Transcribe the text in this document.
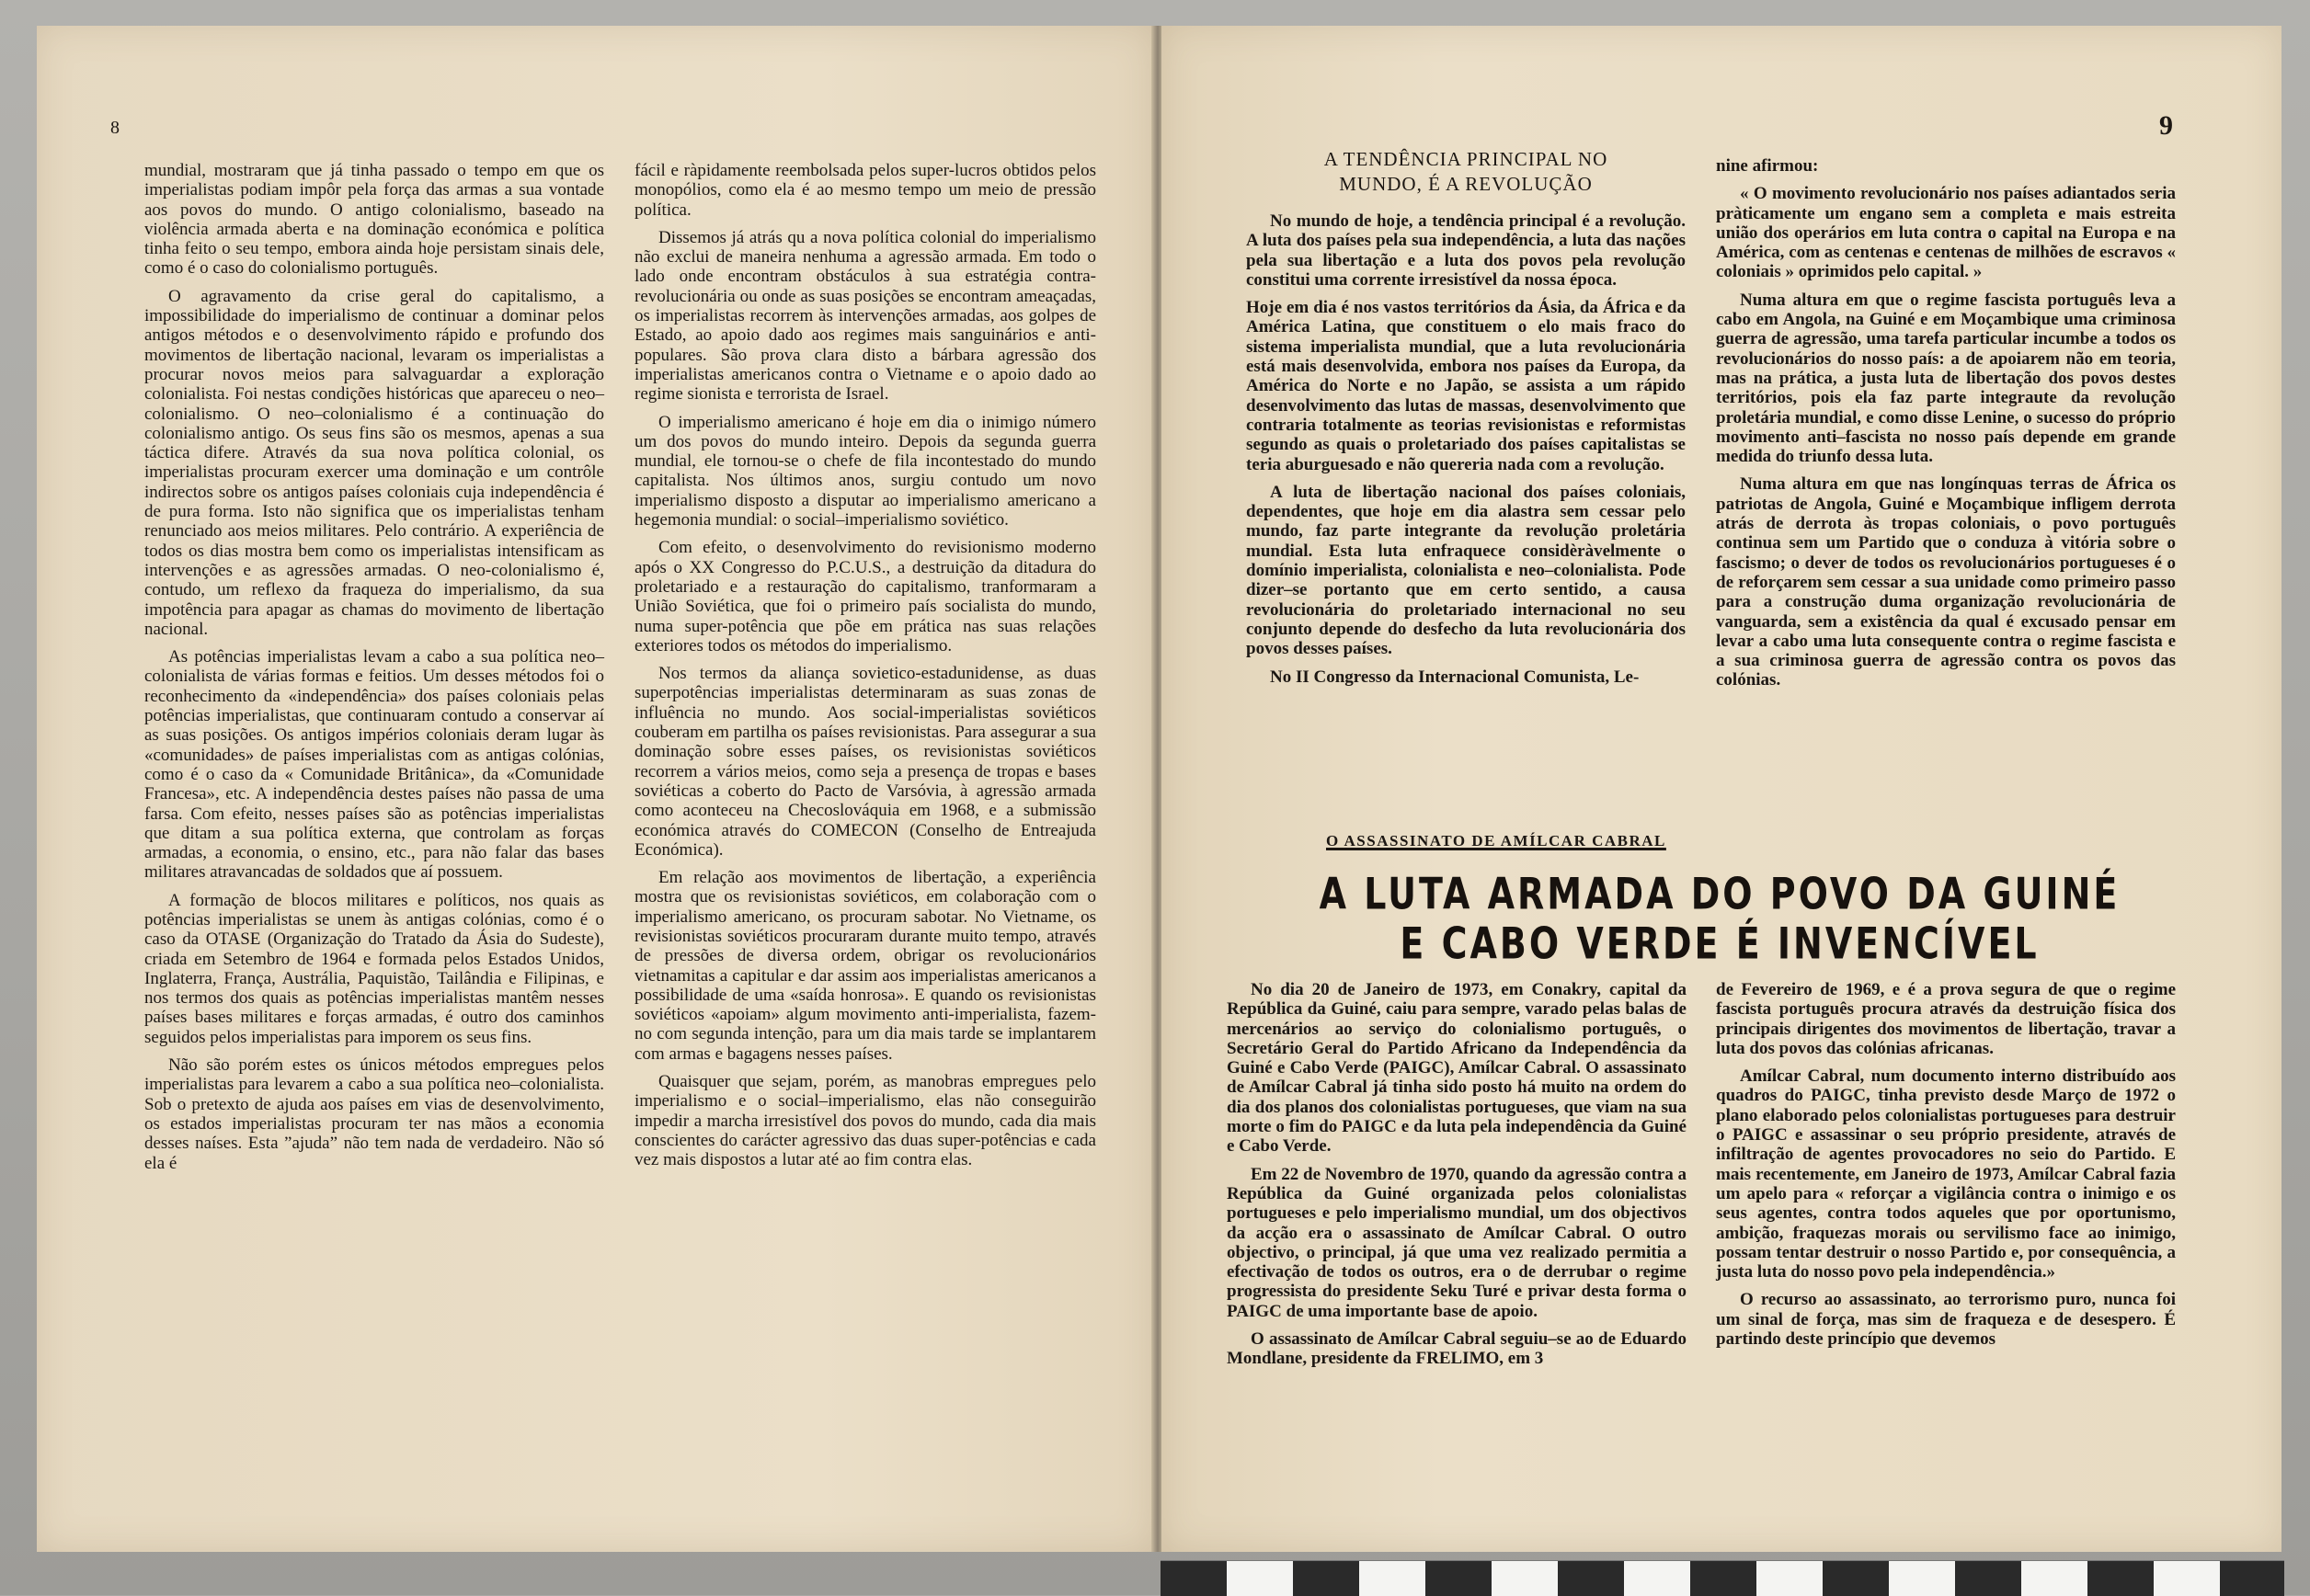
8	9

mundial, mostraram que já tinha passado o tempo em que os imperialistas podiam impôr pela força das armas a sua vontade aos povos do mundo. O antigo colonialismo, baseado na violência armada aberta e na dominação económica e política tinha feito o seu tempo, embora ainda hoje persistam sinais dele, como é o caso do colonialismo português.

O agravamento da crise geral do capitalismo, a impossibilidade do imperialismo de continuar a dominar pelos antigos métodos e o desenvolvimento rápido e profundo dos movimentos de libertação nacional, levaram os imperialistas a procurar novos meios para salvaguardar a exploração colonialista. Foi nestas condições históricas que apareceu o neo–colonialismo. O neo–colonialismo é a continuação do colonialismo antigo. Os seus fins são os mesmos, apenas a sua táctica difere. Através da sua nova política colonial, os imperialistas procuram exercer uma dominação e um contrôle indirectos sobre os antigos países coloniais cuja independência é de pura forma. Isto não significa que os imperialistas tenham renunciado aos meios militares. Pelo contrário. A experiência de todos os dias mostra bem como os imperialistas intensificam as intervenções e as agressões armadas. O neo-colonialismo é, contudo, um reflexo da fraqueza do imperialismo, da sua impotência para apagar as chamas do movimento de libertação nacional.

As potências imperialistas levam a cabo a sua política neo–colonialista de várias formas e feitios. Um desses métodos foi o reconhecimento da «independência» dos países coloniais pelas potências imperialistas, que continuaram contudo a conservar aí as suas posições. Os antigos impérios coloniais deram lugar às «comunidades» de países imperialistas com as antigas colónias, como é o caso da « Comunidade Britânica», da «Comunidade Francesa», etc. A independência destes países não passa de uma farsa. Com efeito, nesses países são as potências imperialistas que ditam a sua política externa, que controlam as forças armadas, a economia, o ensino, etc., para não falar das bases militares atravancadas de soldados que aí possuem.

A formação de blocos militares e políticos, nos quais as potências imperialistas se unem às antigas colónias, como é o caso da OTASE (Organização do Tratado da Ásia do Sudeste), criada em Setembro de 1964 e formada pelos Estados Unidos, Inglaterra, França, Austrália, Paquistão, Tailândia e Filipinas, e nos termos dos quais as potências imperialistas mantêm nesses países bases militares e forças armadas, é outro dos caminhos seguidos pelos imperialistas para imporem os seus fins.

Não são porém estes os únicos métodos empregues pelos imperialistas para levarem a cabo a sua política neo–colonialista. Sob o pretexto de ajuda aos países em vias de desenvolvimento, os estados imperialistas procuram ter nas mãos a economia desses naíses. Esta ”ajuda” não tem nada de verdadeiro. Não só ela é

fácil e ràpidamente reembolsada pelos super-lucros obtidos pelos monopólios, como ela é ao mesmo tempo um meio de pressão política.

Dissemos já atrás qu a nova política colonial do imperialismo não exclui de maneira nenhuma a agressão armada. Em todo o lado onde encontram obstáculos à sua estratégia contra-revolucionária ou onde as suas posições se encontram ameaçadas, os imperialistas recorrem às intervenções armadas, aos golpes de Estado, ao apoio dado aos regimes mais sanguinários e anti-populares. São prova clara disto a bárbara agressão dos imperialistas americanos contra o Vietname e o apoio dado ao regime sionista e terrorista de Israel.

O imperialismo americano é hoje em dia o inimigo número um dos povos do mundo inteiro. Depois da segunda guerra mundial, ele tornou-se o chefe de fila incontestado do mundo capitalista. Nos últimos anos, surgiu contudo um novo imperialismo disposto a disputar ao imperialismo americano a hegemonia mundial: o social–imperialismo soviético.

Com efeito, o desenvolvimento do revisionismo moderno após o XX Congresso do P.C.U.S., a destruição da ditadura do proletariado e a restauração do capitalismo, tranformaram a União Soviética, que foi o primeiro país socialista do mundo, numa super-potência que põe em prática nas suas relações exteriores todos os métodos do imperialismo.

Nos termos da aliança sovietico-estadunidense, as duas superpotências imperialistas determinaram as suas zonas de influência no mundo. Aos social-imperialistas soviéticos couberam em partilha os países revisionistas. Para assegurar a sua dominação sobre esses países, os revisionistas soviéticos recorrem a vários meios, como seja a presença de tropas e bases soviéticas a coberto do Pacto de Varsóvia, à agressão armada como aconteceu na Checoslováquia em 1968, e a submissão económica através do COMECON (Conselho de Entreajuda Económica).

Em relação aos movimentos de libertação, a experiência mostra que os revisionistas soviéticos, em colaboração com o imperialismo americano, os procuram sabotar. No Vietname, os revisionistas soviéticos procuraram durante muito tempo, através de pressões de diversa ordem, obrigar os revolucionários vietnamitas a capitular e dar assim aos imperialistas americanos a possibilidade de uma «saída honrosa». E quando os revisionistas soviéticos «apoiam» algum movimento anti-imperialista, fazem-no com segunda intenção, para um dia mais tarde se implantarem com armas e bagagens nesses países.

Quaisquer que sejam, porém, as manobras empregues pelo imperialismo e o social–imperialismo, elas não conseguirão impedir a marcha irresistível dos povos do mundo, cada dia mais conscientes do carácter agressivo das duas super-potências e cada vez mais dispostos a lutar até ao fim contra elas.

A TENDÊNCIA PRINCIPAL NO
MUNDO, É A REVOLUÇÃO

No mundo de hoje, a tendência principal é a revolução. A luta dos países pela sua independência, a luta das nações pela sua libertação e a luta dos povos pela revolução constitui uma corrente irresistível da nossa época.

Hoje em dia é nos vastos territórios da Ásia, da África e da América Latina, que constituem o elo mais fraco do sistema imperialista mundial, que a luta revolucionária está mais desenvolvida, embora nos países da Europa, da América do Norte e no Japão, se assista a um rápido desenvolvimento das lutas de massas, desenvolvimento que contraria totalmente as teorias revisionistas e reformistas segundo as quais o proletariado dos países capitalistas se teria aburguesado e não quereria nada com a revolução.

A luta de libertação nacional dos países coloniais, dependentes, que hoje em dia alastra sem cessar pelo mundo, faz parte integrante da revolução proletária mundial. Esta luta enfraquece considèràvelmente o domínio imperialista, colonialista e neo–colonialista. Pode dizer–se portanto que em certo sentido, a causa revolucionária do proletariado internacional no seu conjunto depende do desfecho da luta revolucionária dos povos desses países.

No II Congresso da Internacional Comunista, Le-

nine afirmou:

« O movimento revolucionário nos países adiantados seria pràticamente um engano sem a completa e mais estreita união dos operários em luta contra o capital na Europa e na América, com as centenas e centenas de milhões de escravos « coloniais » oprimidos pelo capital. »

Numa altura em que o regime fascista português leva a cabo em Angola, na Guiné e em Moçambique uma criminosa guerra de agressão, uma tarefa particular incumbe a todos os revolucionários do nosso país: a de apoiarem não em teoria, mas na prática, a justa luta de libertação dos povos destes territórios, pois ela faz parte integraute da revolução proletária mundial, e como disse Lenine, o sucesso do próprio movimento anti–fascista no nosso país depende em grande medida do triunfo dessa luta.

Numa altura em que nas longínquas terras de África os patriotas de Angola, Guiné e Moçambique infligem derrota atrás de derrota às tropas coloniais, o povo português continua sem um Partido que o conduza à vitória sobre o fascismo; o dever de todos os revolucionários portugueses é o de reforçarem sem cessar a sua unidade como primeiro passo para a construção duma organização revolucionária de vanguarda, sem a existência da qual é excusado pensar em levar a cabo uma luta consequente contra o regime fascista e a sua criminosa guerra de agressão contra os povos das colónias.

O ASSASSINATO DE AMÍLCAR CABRAL
A LUTA ARMADA DO POVO DA GUINÉ
E CABO VERDE É INVENCÍVEL

No dia 20 de Janeiro de 1973, em Conakry, capital da República da Guiné, caiu para sempre, varado pelas balas de mercenários ao serviço do colonialismo português, o Secretário Geral do Partido Africano da Independência da Guiné e Cabo Verde (PAIGC), Amílcar Cabral. O assassinato de Amílcar Cabral já tinha sido posto há muito na ordem do dia dos planos dos colonialistas portugueses, que viam na sua morte o fim do PAIGC e da luta pela independência da Guiné e Cabo Verde.

Em 22 de Novembro de 1970, quando da agressão contra a República da Guiné organizada pelos colonialistas portugueses e pelo imperialismo mundial, um dos objectivos da acção era o assassinato de Amílcar Cabral. O outro objectivo, o principal, já que uma vez realizado permitia a efectivação de todos os outros, era o de derrubar o regime progressista do presidente Seku Turé e privar desta forma o PAIGC de uma importante base de apoio.

O assassinato de Amílcar Cabral seguiu–se ao de Eduardo Mondlane, presidente da FRELIMO, em 3

de Fevereiro de 1969, e é a prova segura de que o regime fascista português procura através da destruição física dos principais dirigentes dos movimentos de libertação, travar a luta dos povos das colónias africanas.

Amílcar Cabral, num documento interno distribuído aos quadros do PAIGC, tinha previsto desde Março de 1972 o plano elaborado pelos colonialistas portugueses para destruir o PAIGC e assassinar o seu próprio presidente, através de infiltração de agentes provocadores no seio do Partido. E mais recentemente, em Janeiro de 1973, Amílcar Cabral fazia um apelo para « reforçar a vigilância contra o inimigo e os seus agentes, contra todos aqueles que por oportunismo, ambição, fraquezas morais ou servilismo face ao inimigo, possam tentar destruir o nosso Partido e, por consequência, a justa luta do nosso povo pela independência.»

O recurso ao assassinato, ao terrorismo puro, nunca foi um sinal de força, mas sim de fraqueza e de desespero. É partindo deste princípio que devemos
